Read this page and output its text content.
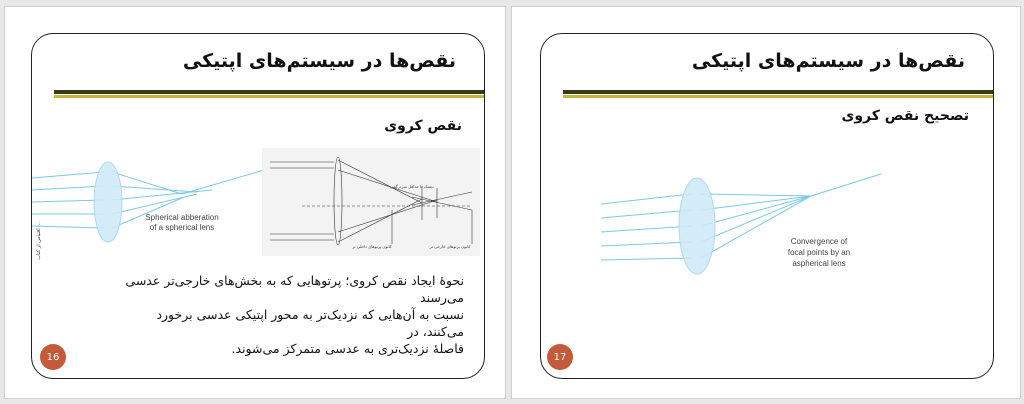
نقص‌ها در سیستم‌های اپتیکی
نقص کروی
Spherical abberation
of a spherical lens
دیسک با حداقل سردرگمی
کانون پرتوهای داخلی تر	کانون پرتوهای خارجی تر
اقتباس از کتاب ...
نحوهٔ ایجاد نقص کروی؛ پرتوهایی که به بخش‌های خارجی‌تر عدسی می‌رسند
نسبت به آن‌هایی که نزدیک‌تر به محور اپتیکی عدسی برخورد می‌کنند، در
فاصلهٔ نزدیک‌تری به عدسی متمرکز می‌شوند.
16
نقص‌ها در سیستم‌های اپتیکی
تصحیح نقص کروی
Convergence of
focal points by an
aspherical lens
17
